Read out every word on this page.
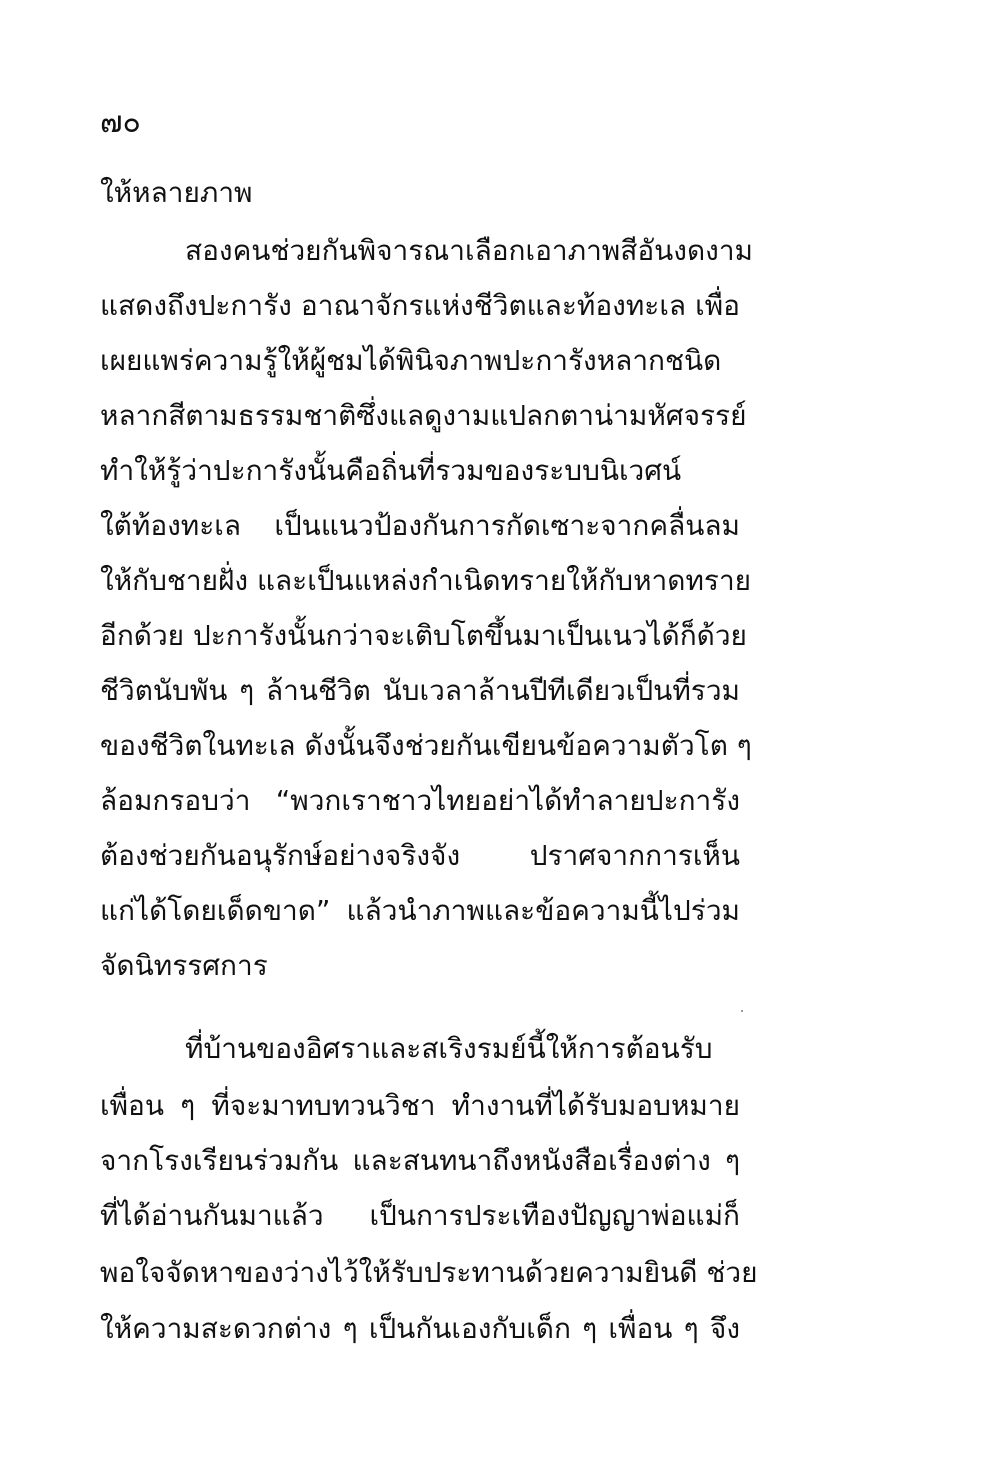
๗๐
ให้หลายภาพ
สองคนช่วยกันพิจารณาเลือกเอาภาพสีอันงดงาม
แสดงถึงปะการัง อาณาจักรแห่งชีวิตและท้องทะเล เพื่อ
เผยแพร่ความรู้ให้ผู้ชมได้พินิจภาพปะการังหลากชนิด
หลากสีตามธรรมชาติซึ่งแลดูงามแปลกตาน่ามหัศจรรย์
ทำให้รู้ว่าปะการังนั้นคือถิ่นที่รวมของระบบนิเวศน์
ใต้ท้องทะเล เป็นแนวป้องกันการกัดเซาะจากคลื่นลม
ให้กับชายฝั่ง และเป็นแหล่งกำเนิดทรายให้กับหาดทราย
อีกด้วย ปะการังนั้นกว่าจะเติบโตขึ้นมาเป็นเนวได้ก็ด้วย
ชีวิตนับพัน ๆ ล้านชีวิต นับเวลาล้านปีทีเดียวเป็นที่รวม
ของชีวิตในทะเล ดังนั้นจึงช่วยกันเขียนข้อความตัวโต ๆ
ล้อมกรอบว่า “พวกเราชาวไทยอย่าได้ทำลายปะการัง
ต้องช่วยกันอนุรักษ์อย่างจริงจัง ปราศจากการเห็น
แก่ได้โดยเด็ดขาด” แล้วนำภาพและข้อความนี้ไปร่วม
จัดนิทรรศการ
ที่บ้านของอิศราและสเริงรมย์นี้ให้การต้อนรับ
เพื่อน ๆ ที่จะมาทบทวนวิชา ทำงานที่ได้รับมอบหมาย
จากโรงเรียนร่วมกัน และสนทนาถึงหนังสือเรื่องต่าง ๆ
ที่ได้อ่านกันมาแล้ว เป็นการประเทืองปัญญาพ่อแม่ก็
พอใจจัดหาของว่างไว้ให้รับประทานด้วยความยินดี ช่วย
ให้ความสะดวกต่าง ๆ เป็นกันเองกับเด็ก ๆ เพื่อน ๆ จึง
